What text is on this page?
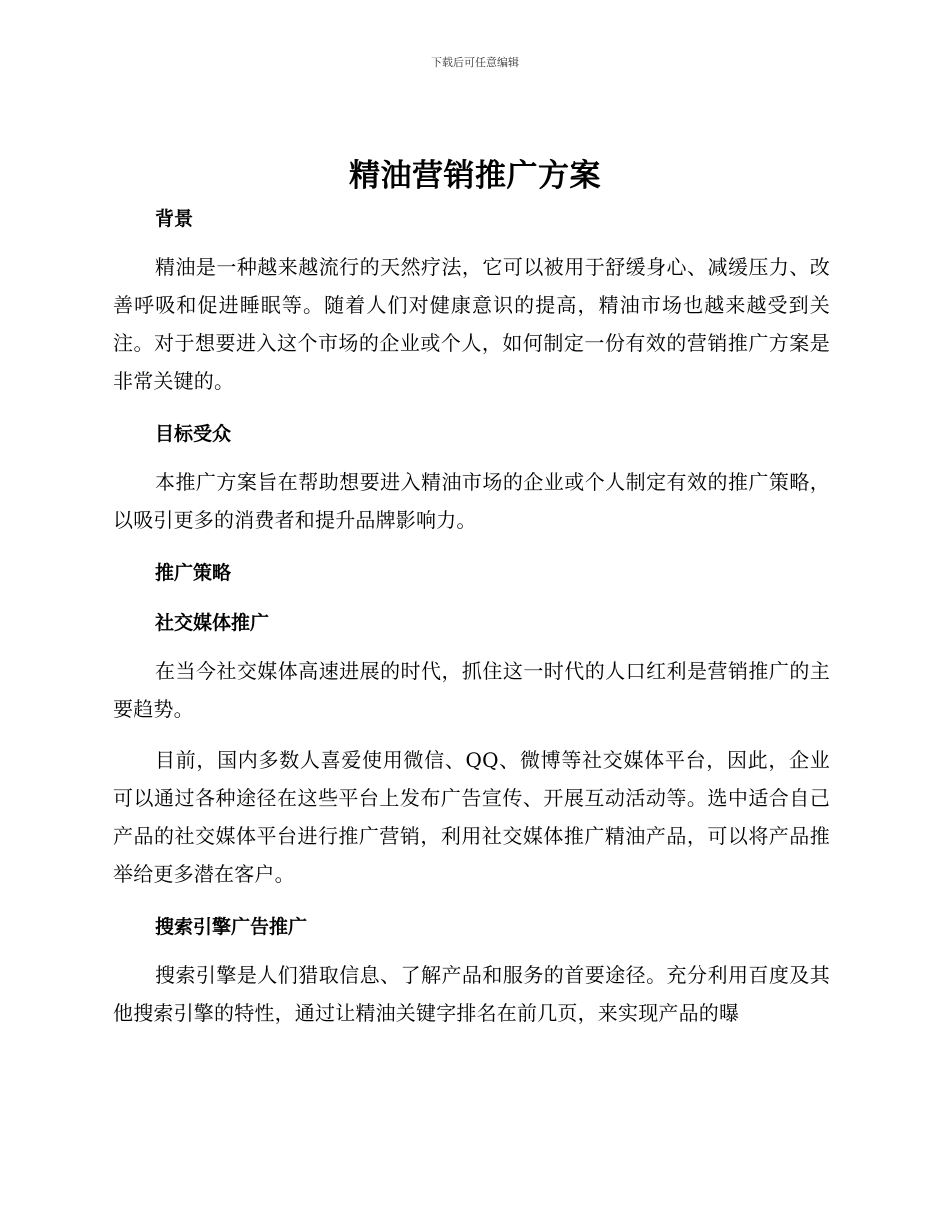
下载后可任意编辑
精油营销推广方案
背景

精油是一种越来越流行的天然疗法，它可以被用于舒缓身心、减缓压力、改善呼吸和促进睡眠等。随着人们对健康意识的提高，精油市场也越来越受到关注。对于想要进入这个市场的企业或个人，如何制定一份有效的营销推广方案是非常关键的。

目标受众

本推广方案旨在帮助想要进入精油市场的企业或个人制定有效的推广策略，以吸引更多的消费者和提升品牌影响力。

推广策略
社交媒体推广

在当今社交媒体高速进展的时代，抓住这一时代的人口红利是营销推广的主要趋势。

目前，国内多数人喜爱使用微信、QQ、微博等社交媒体平台，因此，企业可以通过各种途径在这些平台上发布广告宣传、开展互动活动等。选中适合自己产品的社交媒体平台进行推广营销，利用社交媒体推广精油产品，可以将产品推举给更多潜在客户。

搜索引擎广告推广

搜索引擎是人们猎取信息、了解产品和服务的首要途径。充分利用百度及其他搜索引擎的特性，通过让精油关键字排名在前几页，来实现产品的曝
